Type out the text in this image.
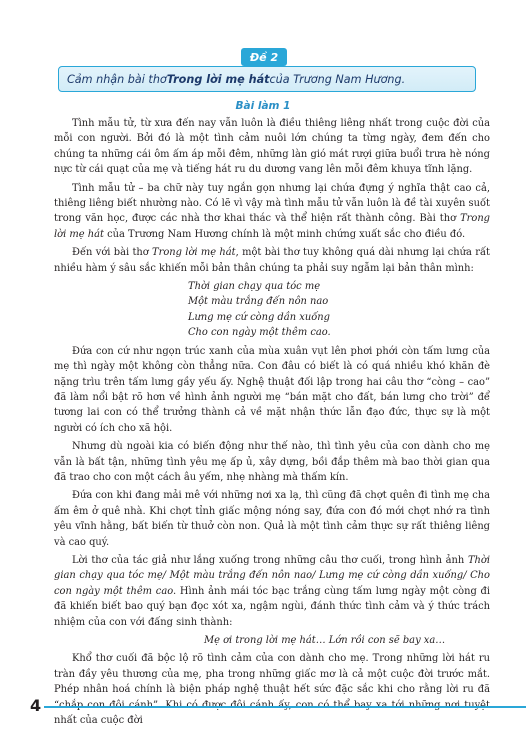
Đề 2
Cảm nhận bài thơ Trong lời mẹ hát của Trương Nam Hương.
Bài làm 1

Tình mẫu tử, từ xưa đến nay vẫn luôn là điều thiêng liêng nhất trong cuộc đời của mỗi con người. Bởi đó là một tình cảm nuôi lớn chúng ta từng ngày, đem đến cho chúng ta những cái ôm ấm áp mỗi đêm, những làn gió mát rượi giữa buổi trưa hè nóng nực từ cái quạt của mẹ và tiếng hát ru du dương vang lên mỗi đêm khuya tĩnh lặng.

Tình mẫu tử – ba chữ này tuy ngắn gọn nhưng lại chứa đựng ý nghĩa thật cao cả, thiêng liêng biết nhường nào. Có lẽ vì vậy mà tình mẫu tử vẫn luôn là đề tài xuyên suốt trong văn học, được các nhà thơ khai thác và thể hiện rất thành công. Bài thơ Trong lời mẹ hát của Trương Nam Hương chính là một minh chứng xuất sắc cho điều đó.

Đến với bài thơ Trong lời mẹ hát, một bài thơ tuy không quá dài nhưng lại chứa rất nhiều hàm ý sâu sắc khiến mỗi bản thân chúng ta phải suy ngẫm lại bản thân mình:

Thời gian chạy qua tóc mẹ
Một màu trắng đến nôn nao
Lưng mẹ cứ còng dần xuống
Cho con ngày một thêm cao.

Đứa con cứ như ngọn trúc xanh của mùa xuân vụt lên phơi phới còn tấm lưng của mẹ thì ngày một không còn thẳng nữa. Con đâu có biết là có quá nhiều khó khăn đè nặng trìu trên tấm lưng gầy yếu ấy. Nghệ thuật đối lập trong hai câu thơ “còng – cao” đã làm nổi bật rõ hơn về hình ảnh người mẹ “bán mặt cho đất, bán lưng cho trời” để tương lai con có thể trưởng thành cả về mặt nhận thức lẫn đạo đức, thực sự là một người có ích cho xã hội.

Nhưng dù ngoài kia có biến động như thế nào, thì tình yêu của con dành cho mẹ vẫn là bất tận, những tình yêu mẹ ấp ủ, xây dựng, bồi đắp thêm mà bao thời gian qua đã trao cho con một cách âu yếm, nhẹ nhàng mà thấm kín.

Đứa con khi đang mải mê với những nơi xa lạ, thì cũng đã chợt quên đi tình mẹ cha ấm êm ở quê nhà. Khi chợt tỉnh giấc mộng nóng say, đứa con đó mới chợt nhớ ra tình yêu vĩnh hằng, bất biến từ thuở còn non. Quả là một tình cảm thực sự rất thiêng liêng và cao quý.

Lời thơ của tác giả như lắng xuống trong những câu thơ cuối, trong hình ảnh Thời gian chạy qua tóc mẹ/ Một màu trắng đến nôn nao/ Lưng mẹ cứ còng dần xuống/ Cho con ngày một thêm cao. Hình ảnh mái tóc bạc trắng cùng tấm lưng ngày một còng đi đã khiến biết bao quý bạn đọc xót xa, ngậm ngùi, đánh thức tình cảm và ý thức trách nhiệm của con với đấng sinh thành:

Mẹ ơi trong lời mẹ hát… Lớn rồi con sẽ bay xa…

Khổ thơ cuối đã bộc lộ rõ tình cảm của con dành cho mẹ. Trong những lời hát ru tràn đầy yêu thương của mẹ, pha trong những giấc mơ là cả một cuộc đời trước mắt. Phép nhân hoá chính là biện pháp nghệ thuật hết sức đặc sắc khi cho rằng lời ru đã nhất của cuộc đời

4
